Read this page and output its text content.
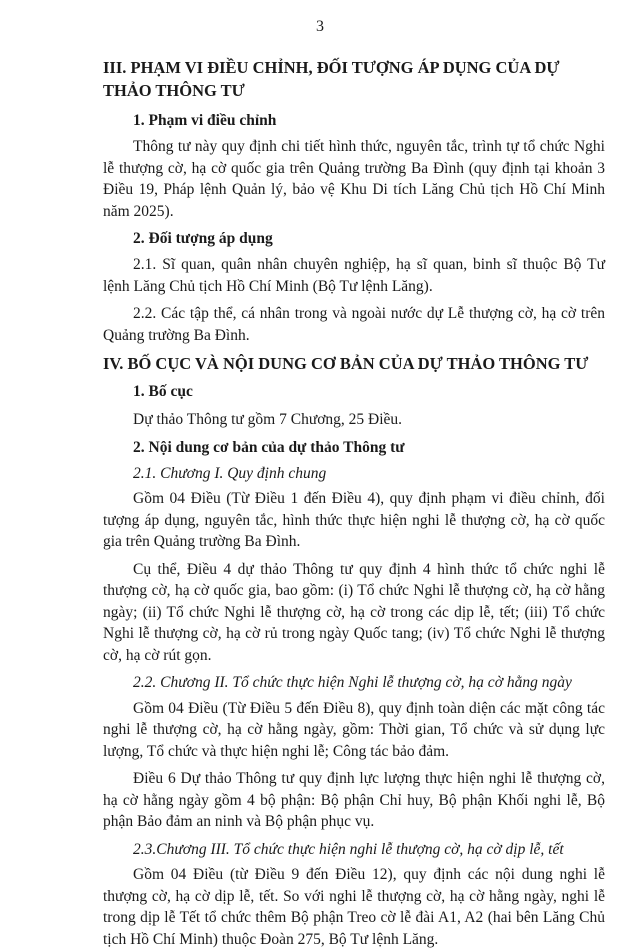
3

III. PHẠM VI ĐIỀU CHỈNH, ĐỐI TƯỢNG ÁP DỤNG CỦA DỰ THẢO THÔNG TƯ

1. Phạm vi điều chỉnh

Thông tư này quy định chi tiết hình thức, nguyên tắc, trình tự tổ chức Nghi lễ thượng cờ, hạ cờ quốc gia trên Quảng trường Ba Đình (quy định tại khoản 3 Điều 19, Pháp lệnh Quản lý, bảo vệ Khu Di tích Lăng Chủ tịch Hồ Chí Minh năm 2025).

2. Đối tượng áp dụng

2.1. Sĩ quan, quân nhân chuyên nghiệp, hạ sĩ quan, binh sĩ thuộc Bộ Tư lệnh Lăng Chủ tịch Hồ Chí Minh (Bộ Tư lệnh Lăng).

2.2. Các tập thể, cá nhân trong và ngoài nước dự Lễ thượng cờ, hạ cờ trên Quảng trường Ba Đình.

IV. BỐ CỤC VÀ NỘI DUNG CƠ BẢN CỦA DỰ THẢO THÔNG TƯ

1. Bố cục

Dự thảo Thông tư gồm 7 Chương, 25 Điều.

2. Nội dung cơ bản của dự thảo Thông tư

2.1. Chương I. Quy định chung

Gồm 04 Điều (Từ Điều 1 đến Điều 4), quy định phạm vi điều chỉnh, đối tượng áp dụng, nguyên tắc, hình thức thực hiện nghi lễ thượng cờ, hạ cờ quốc gia trên Quảng trường Ba Đình.

Cụ thể, Điều 4 dự thảo Thông tư quy định 4 hình thức tổ chức nghi lễ thượng cờ, hạ cờ quốc gia, bao gồm: (i) Tổ chức Nghi lễ thượng cờ, hạ cờ hằng ngày; (ii) Tổ chức Nghi lễ thượng cờ, hạ cờ trong các dịp lễ, tết; (iii) Tổ chức Nghi lễ thượng cờ, hạ cờ rủ trong ngày Quốc tang; (iv) Tổ chức Nghi lễ thượng cờ, hạ cờ rút gọn.

2.2. Chương II. Tổ chức thực hiện Nghi lễ thượng cờ, hạ cờ hằng ngày

Gồm 04 Điều (Từ Điều 5 đến Điều 8), quy định toàn diện các mặt công tác nghi lễ thượng cờ, hạ cờ hằng ngày, gồm: Thời gian, Tổ chức và sử dụng lực lượng, Tổ chức và thực hiện nghi lễ; Công tác bảo đảm.

Điều 6 Dự thảo Thông tư quy định lực lượng thực hiện nghi lễ thượng cờ, hạ cờ hằng ngày gồm 4 bộ phận: Bộ phận Chỉ huy, Bộ phận Khối nghi lễ, Bộ phận Bảo đảm an ninh và Bộ phận phục vụ.

2.3.Chương III. Tổ chức thực hiện nghi lễ thượng cờ, hạ cờ dịp lễ, tết

Gồm 04 Điều (từ Điều 9 đến Điều 12), quy định các nội dung nghi lễ thượng cờ, hạ cờ dịp lễ, tết. So với nghi lễ thượng cờ, hạ cờ hằng ngày, nghi lễ trong dịp lễ Tết tổ chức thêm Bộ phận Treo cờ lễ đài A1, A2 (hai bên Lăng Chủ tịch Hồ Chí Minh) thuộc Đoàn 275, Bộ Tư lệnh Lăng.
